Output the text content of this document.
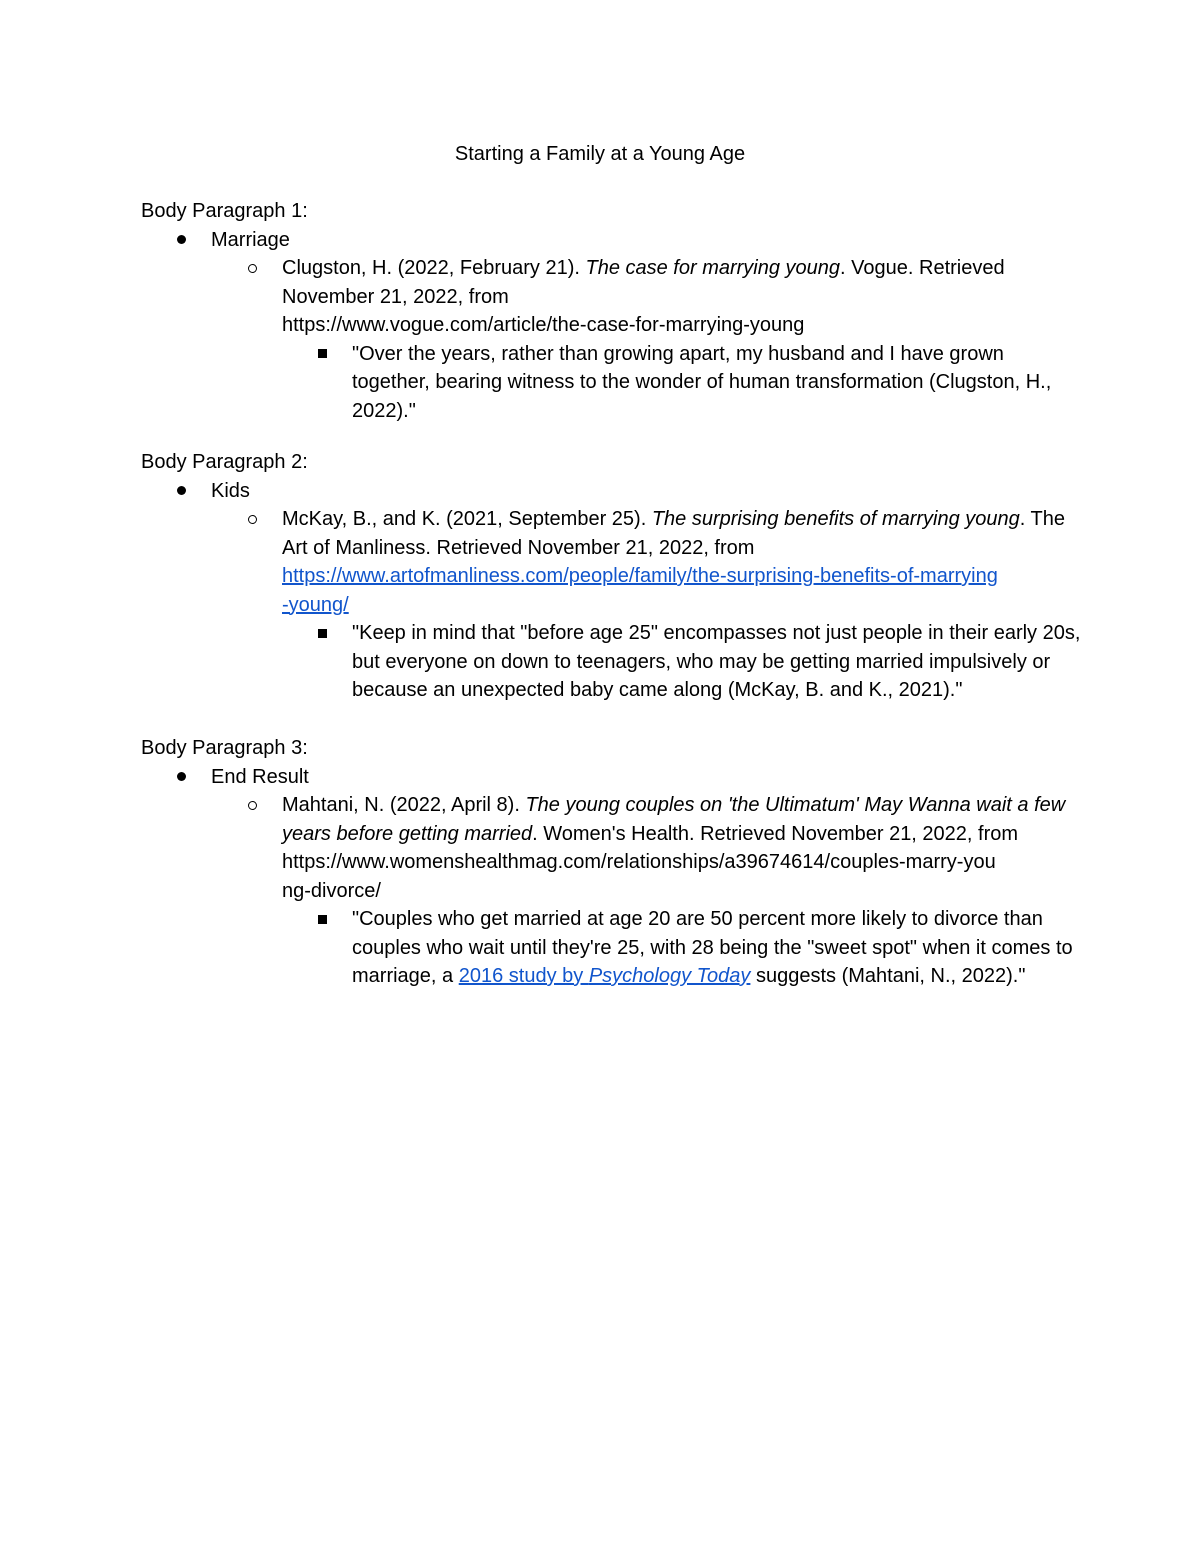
Starting a Family at a Young Age
Body Paragraph 1:
Marriage
Clugston, H. (2022, February 21). The case for marrying young. Vogue. Retrieved November 21, 2022, from
https://www.vogue.com/article/the-case-for-marrying-young
"Over the years, rather than growing apart, my husband and I have grown together, bearing witness to the wonder of human transformation (Clugston, H., 2022)."
Body Paragraph 2:
Kids
McKay, B., and K. (2021, September 25). The surprising benefits of marrying young. The Art of Manliness. Retrieved November 21, 2022, from
https://www.artofmanliness.com/people/family/the-surprising-benefits-of-marrying
-young/
"Keep in mind that "before age 25" encompasses not just people in their early 20s, but everyone on down to teenagers, who may be getting married impulsively or because an unexpected baby came along (McKay, B. and K., 2021)."
Body Paragraph 3:
End Result
Mahtani, N. (2022, April 8). The young couples on 'the Ultimatum' May Wanna wait a few years before getting married. Women's Health. Retrieved November 21, 2022, from
https://www.womenshealthmag.com/relationships/a39674614/couples-marry-you
ng-divorce/
"Couples who get married at age 20 are 50 percent more likely to divorce than couples who wait until they're 25, with 28 being the "sweet spot" when it comes to marriage, a 2016 study by Psychology Today suggests (Mahtani, N., 2022)."
